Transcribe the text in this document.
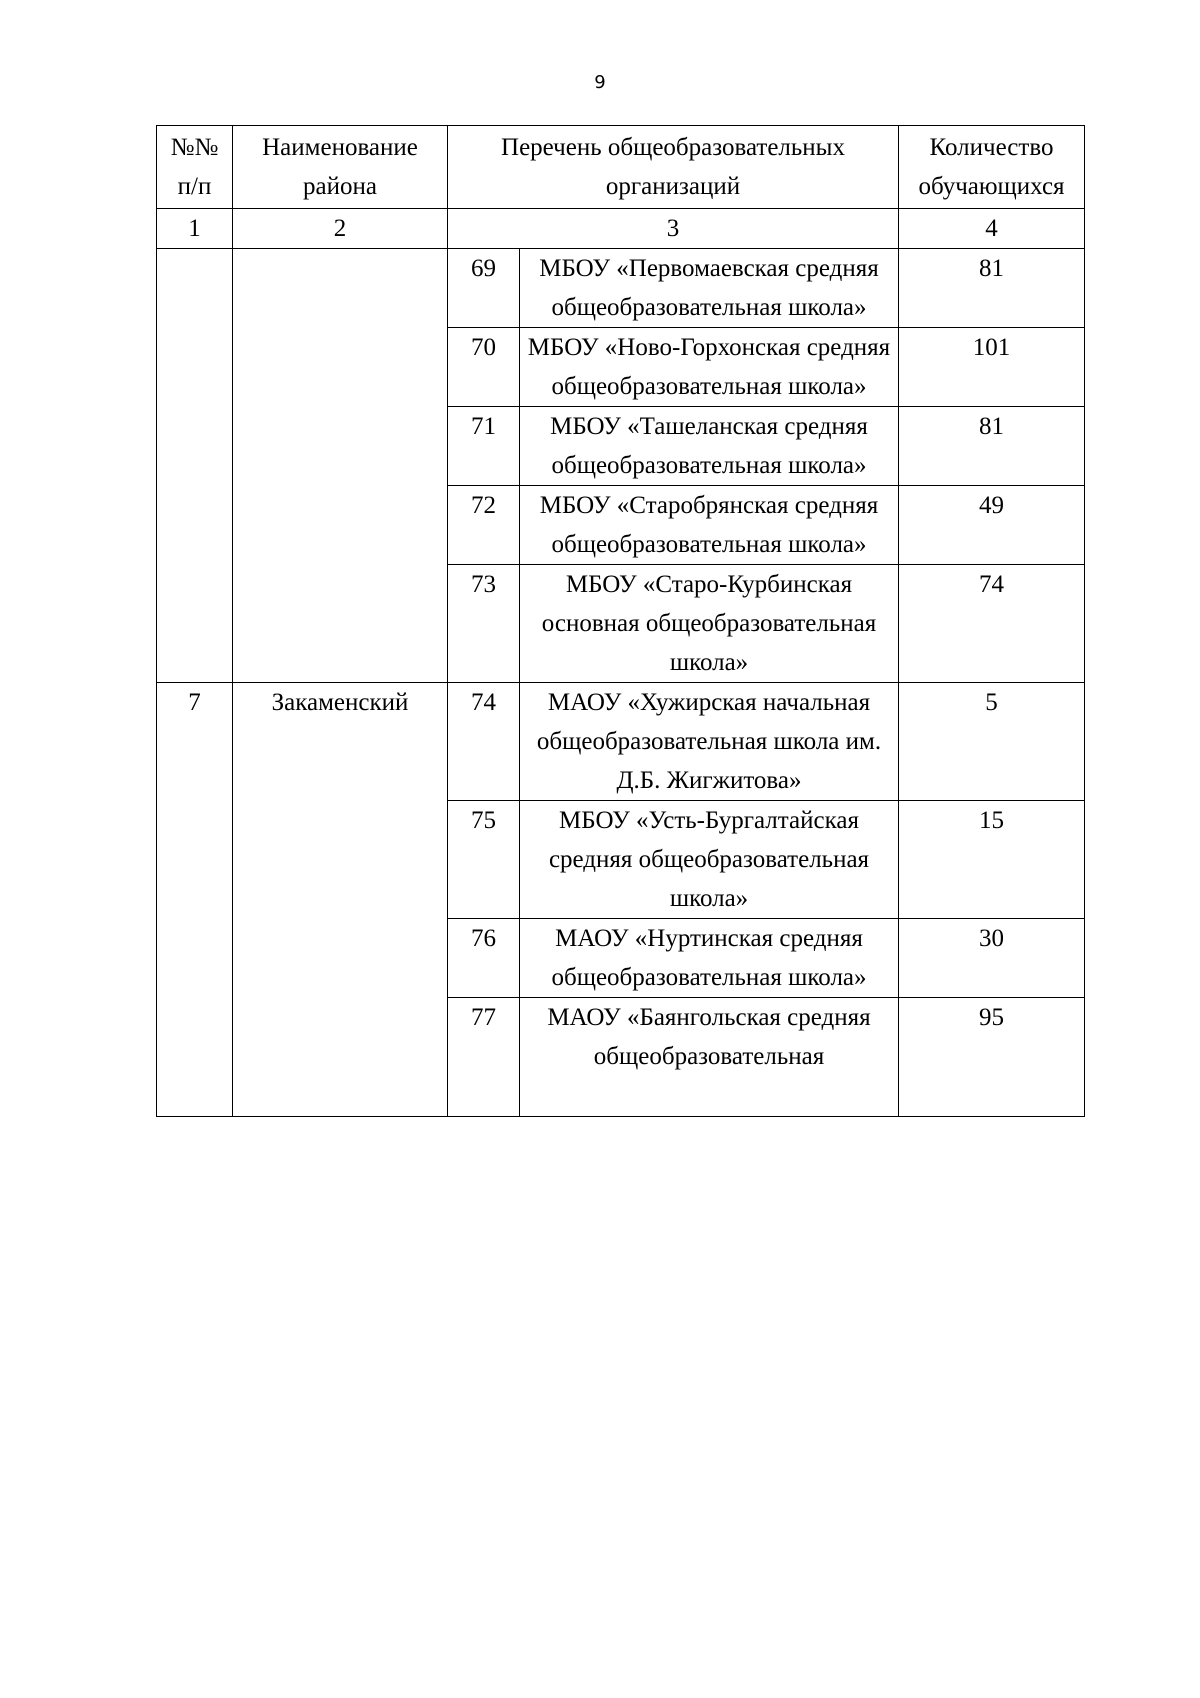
9
№№ п/п	Наименование района	Перечень общеобразовательных организаций		Количество обучающихся
1	2	3		4
		69	МБОУ «Первомаевская средняя общеобразовательная школа»	81
		70	МБОУ «Ново-Горхонская средняя общеобразовательная школа»	101
		71	МБОУ «Ташеланская средняя общеобразовательная школа»	81
		72	МБОУ «Старобрянская средняя общеобразовательная школа»	49
		73	МБОУ «Старо-Курбинская основная общеобразовательная школа»	74
7	Закаменский	74	МАОУ «Хужирская начальная общеобразовательная школа им. Д.Б. Жигжитова»	5
		75	МБОУ «Усть-Бургалтайская средняя общеобразовательная школа»	15
		76	МАОУ «Нуртинская средняя общеобразовательная школа»	30
		77	МАОУ «Баянгольская средняя общеобразовательная	95
